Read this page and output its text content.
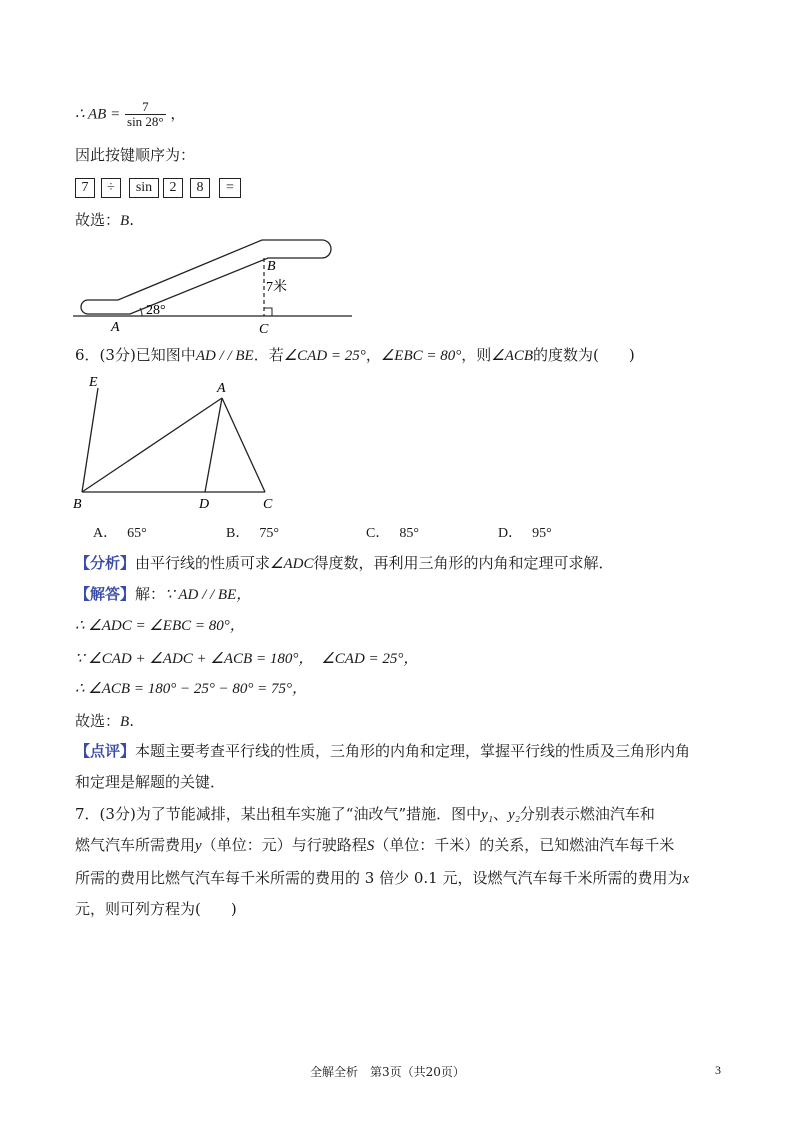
∴ AB = $\frac{7}{\sin 28^\circ}$ ，
因此按键顺序为：
7	÷	sin	2	8	=
故选：B.
28°
A
B
7米
C
6．(3分)已知图中AD / / BE．若∠CAD = 25°，∠EBC = 80°，则∠ACB的度数为(　　)
E	A
B	D	C
A． 65°	B． 75°	C． 85°	D． 95°
【分析】由平行线的性质可求∠ADC得度数，再利用三角形的内角和定理可求解．
【解答】解：∵ AD / / BE，
∴ ∠ADC = ∠EBC = 80°，
∵ ∠CAD + ∠ADC + ∠ACB = 180°， ∠CAD = 25°，
∴ ∠ACB = 180° − 25° − 80° = 75°，
故选：B.
【点评】本题主要考查平行线的性质，三角形的内角和定理，掌握平行线的性质及三角形内角
和定理是解题的关键．
7．(3分)为了节能减排，某出租车实施了“油改气”措施．图中y₁、y₂分别表示燃油汽车和
燃气汽车所需费用y（单位：元）与行驶路程S（单位：千米）的关系，已知燃油汽车每千米
所需的费用比燃气汽车每千米所需的费用的 3 倍少 0.1 元，设燃气汽车每千米所需的费用为x
元，则可列方程为(　　)
全解全析　第3页（共20页）	3
